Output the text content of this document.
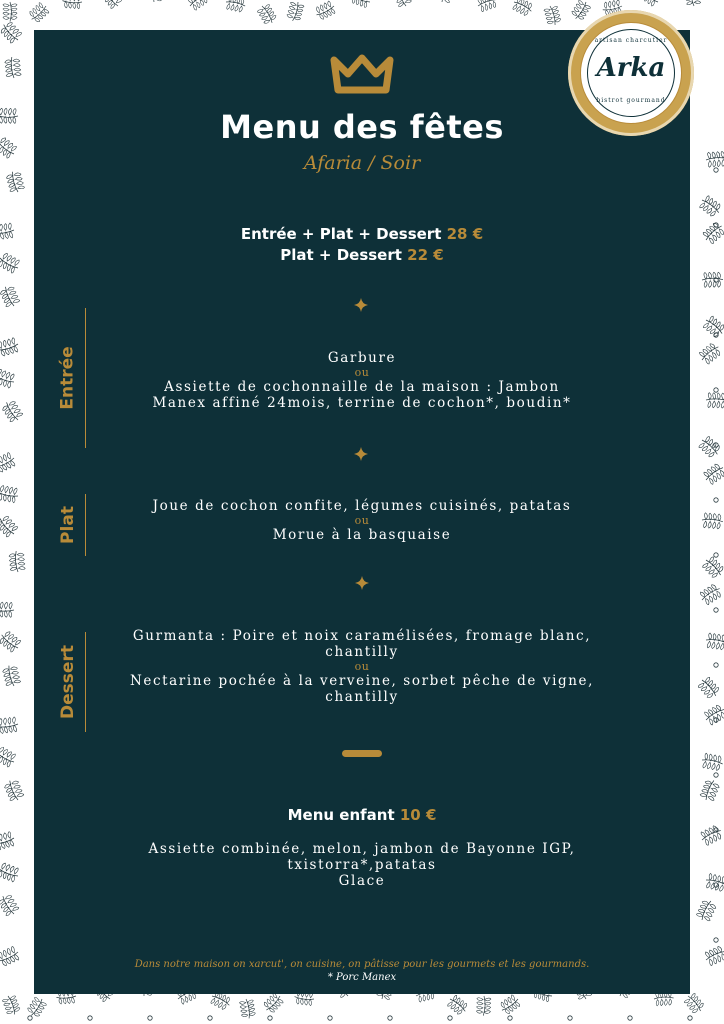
Menu des fêtes
Afaria / Soir
Entrée + Plat + Dessert 28 €
Plat + Dessert 22 €
Entrée	Garbure
ou
Assiette de cochonnaille de la maison : Jambon
Manex affiné 24mois, terrine de cochon*, boudin*
Plat
Joue de cochon confite, légumes cuisinés, patatas
ou
Morue à la basquaise
Dessert
Gurmanta : Poire et noix caramélisées, fromage blanc,
chantilly
ou
Nectarine pochée à la verveine, sorbet pêche de vigne,
chantilly
Menu enfant 10 €
Assiette combinée, melon, jambon de Bayonne IGP,
txistorra*,patatas
Glace
Dans notre maison on xarcut', on cuisine, on pâtisse pour les gourmets et les gourmands.
* Porc Manex
artisan charcutier
Arka
bistrot gourmand
